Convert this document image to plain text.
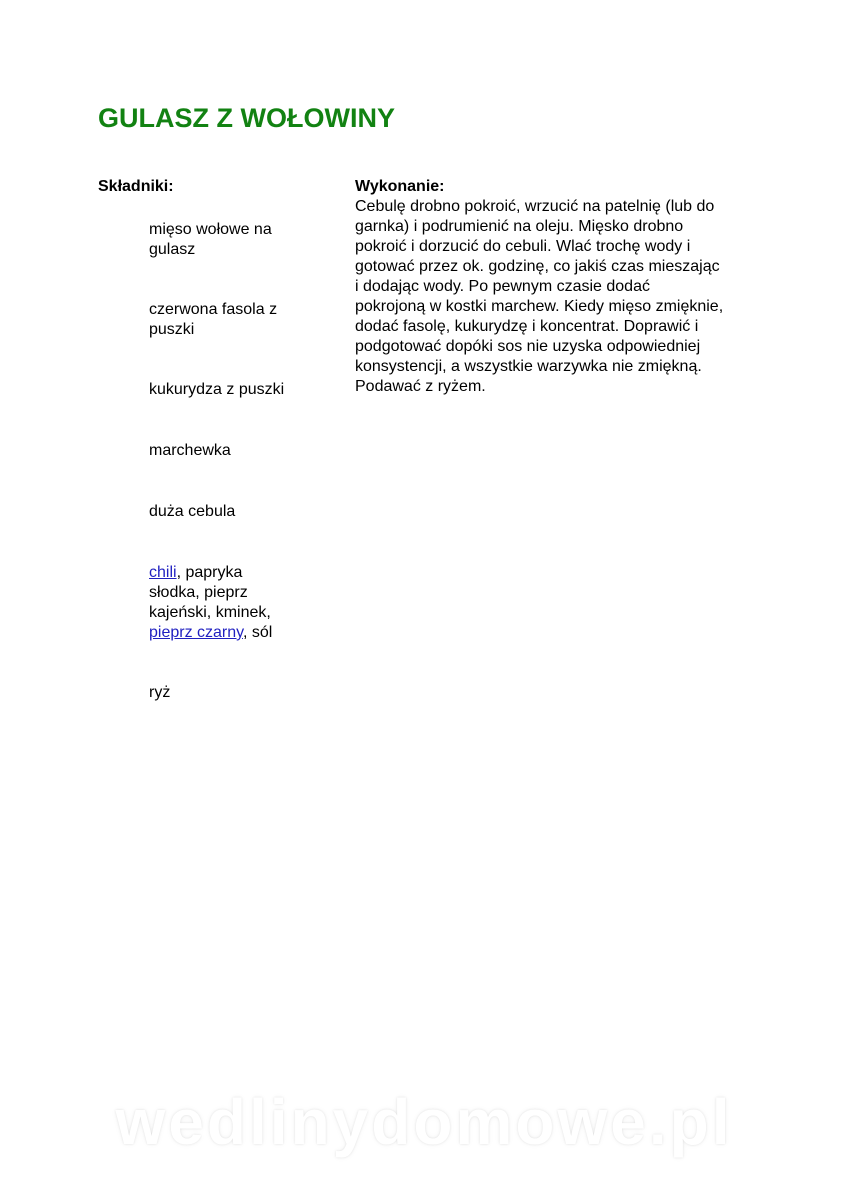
GULASZ Z WOŁOWINY
Składniki:
mięso wołowe na
gulasz
czerwona fasola z
puszki
kukurydza z puszki
marchewka
duża cebula
chili, papryka
słodka, pieprz
kajeński, kminek,
pieprz czarny, sól
ryż
Wykonanie:

Cebulę drobno pokroić, wrzucić na patelnię (lub do
garnka) i podrumienić na oleju. Mięsko drobno
pokroić i dorzucić do cebuli. Wlać trochę wody i
gotować przez ok. godzinę, co jakiś czas mieszając
i dodając wody. Po pewnym czasie dodać
pokrojoną w kostki marchew. Kiedy mięso zmięknie,
dodać fasolę, kukurydzę i koncentrat. Doprawić i
podgotować dopóki sos nie uzyska odpowiedniej
konsystencji, a wszystkie warzywka nie zmiękną.
Podawać z ryżem.

wedlinydomowe.pl
